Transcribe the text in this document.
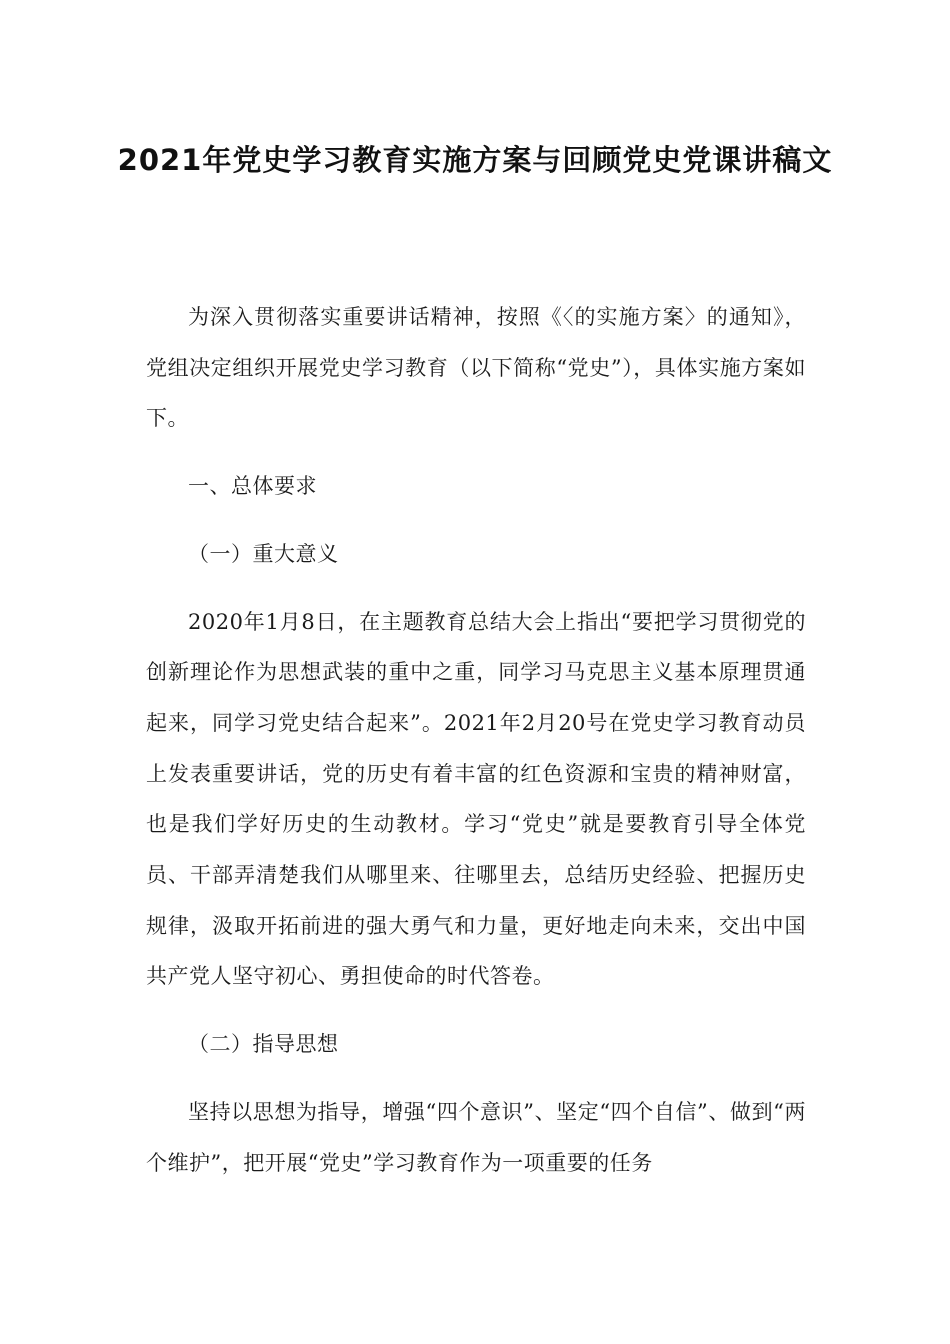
2021年党史学习教育实施方案与回顾党史党课讲稿文

为深入贯彻落实重要讲话精神，按照《〈的实施方案〉的通知》，党组决定组织开展党史学习教育（以下简称“党史”），具体实施方案如下。

一、总体要求

（一）重大意义

2020年1月8日，在主题教育总结大会上指出“要把学习贯彻党的创新理论作为思想武装的重中之重，同学习马克思主义基本原理贯通起来，同学习党史结合起来”。2021年2月20号在党史学习教育动员上发表重要讲话，党的历史有着丰富的红色资源和宝贵的精神财富，也是我们学好历史的生动教材。学习“党史”就是要教育引导全体党员、干部弄清楚我们从哪里来、往哪里去，总结历史经验、把握历史规律，汲取开拓前进的强大勇气和力量，更好地走向未来，交出中国共产党人坚守初心、勇担使命的时代答卷。

（二）指导思想

坚持以思想为指导，增强“四个意识”、坚定“四个自信”、做到“两个维护”，把开展“党史”学习教育作为一项重要的任务
